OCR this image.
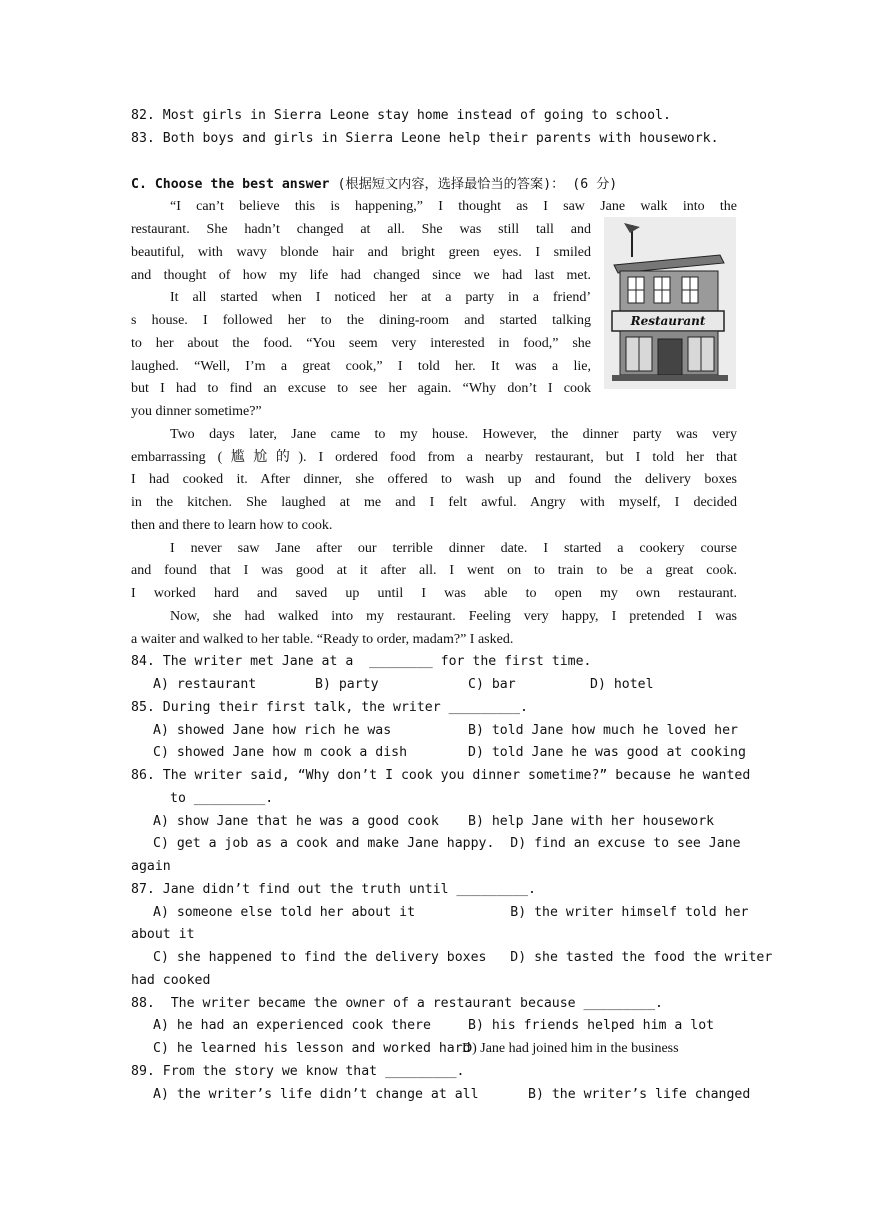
82. Most girls in Sierra Leone stay home instead of going to school.
83. Both boys and girls in Sierra Leone help their parents with housework.
C. Choose the best answer (根据短文内容，选择最恰当的答案)： (6 分)
“I can’t believe this is happening,” I thought as I saw Jane walk into the
restaurant. She hadn’t changed at all. She was still tall and
beautiful, with wavy blonde hair and bright green eyes. I smiled
and thought of how my life had changed since we had last met.
It all started when I noticed her at a party in a friend’
s house. I followed her to the dining-room and started talking
to her about the food. “You seem very interested in food,” she
laughed. “Well, I’m a great cook,” I told her. It was a lie,
but I had to find an excuse to see her again. “Why don’t I cook
you dinner sometime?”
Two days later, Jane came to my house. However, the dinner party was very
embarrassing (尴尬的). I ordered food from a nearby restaurant, but I told her that
I had cooked it. After dinner, she offered to wash up and found the delivery boxes
in the kitchen. She laughed at me and I felt awful. Angry with myself, I decided
then and there to learn how to cook.
I never saw Jane after our terrible dinner date. I started a cookery course
and found that I was good at it after all. I went on to train to be a great cook.
I worked hard and saved up until I was able to open my own restaurant.
Now, she had walked into my restaurant. Feeling very happy, I pretended I was
a waiter and walked to her table. “Ready to order, madam?” I asked.
Restaurant
84. The writer met Jane at a  ________ for the first time.
A) restaurant	B) party	C) bar	D) hotel
85. During their first talk, the writer _________.
A) showed Jane how rich he was	B) told Jane how much he loved her
C) showed Jane how m cook a dish	D) told Jane he was good at cooking
86. The writer said, “Why don’t I cook you dinner sometime?” because he wanted
to _________.
A) show Jane that he was a good cook B) help Jane with her housework
C) get a job as a cook and make Jane happy.  D) find an excuse to see Jane
again
87. Jane didn’t find out the truth until _________.
A) someone else told her about it            B) the writer himself told her
about it
C) she happened to find the delivery boxes   D) she tasted the food the writer
had cooked
88.  The writer became the owner of a restaurant because _________.
A) he had an experienced cook there	B) his friends helped him a lot
C) he learned his lesson and worked hard
D) Jane had joined him in the business
89. From the story we know that _________.
A) the writer’s life didn’t change at all	B) the writer’s life changed
